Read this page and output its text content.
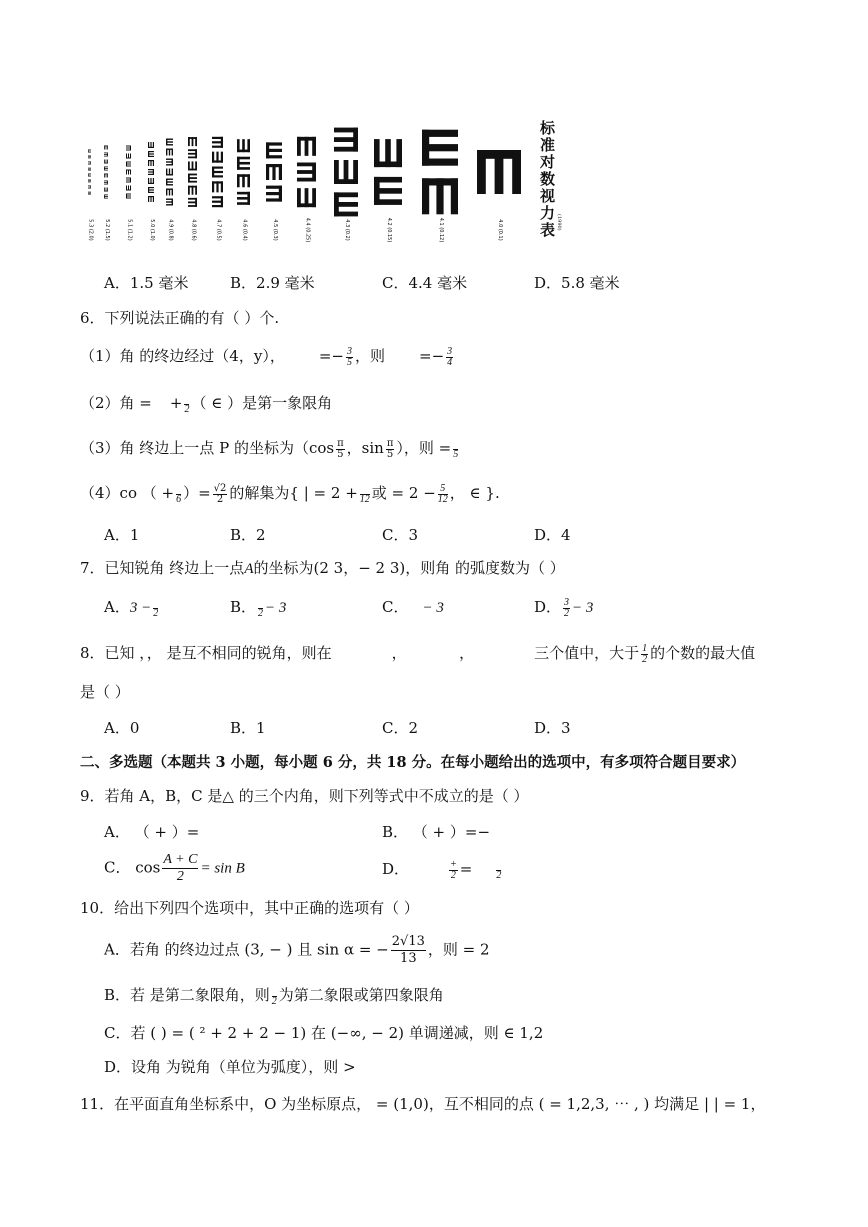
5.3 (2.0) 5.2 (1.5)	5.1 (1.2)	5.0 (1.0)	4.9 (0.8)	4.8 (0.6)	4.7 (0.5)	4.6 (0.4)	4.5 (0.3)	4.4 (0.25)	4.3 (0.2)	4.2 (0.15)	4.1 (0.12)	4.0 (0.1)
标准对数视力表 (1990)
A．1.5 毫米	B．2.9 毫米	C．4.4 毫米	D．5.8 毫米
6．下列说法正确的有（ ）个.
（1）角 的终边经过（4，y）， =− $\frac{3}{5}$ ，则 =− $\frac{3}{4}$
（2）角 = +
2 （ ∈ ）是第一象限角
（3）角 终边上一点 P 的坐标为（$\cos \frac{\pi}{5}$ ，$\sin \frac{\pi}{5}$ ），则 =
5
（4）co （ +
6 ）= $\frac{√2}{2}$ 的解集为{ | = 2 +
12 或 = $2 - \frac{5}{12}$ ， ∈ }.
A．1	B．2	C．3	D．4
7．已知锐角 终边上一点A的坐标为(2 3，− 2 3)，则角 的弧度数为（ ）
A．3 −
2	B．
2 − 3	C． − 3	D． $\frac{3}{2} - 3$
8．已知 ，， 是互不相同的锐角，则在	，	，	三个值中，大于 $\frac{1}{2}$ 的个数的最大值
是（ ）
A．0	B．1	C．2	D．3
二、多选题（本题共 3 小题，每小题 6 分，共 18 分。在每小题给出的选项中，有多项符合题目要求）
9．若角 A，B，C 是△ 的三个内角，则下列等式中不成立的是（ ）
A． （ + ）=	B． （ + ）=−
C． $\cos \frac{A + C}{2} = \sin B$	D．	$\frac{+}{2}$ =
2
10．给出下列四个选项中，其中正确的选项有（ ）
A．若角 的终边过点 (3, − ) 且 sin α = − $\frac{2√13}{13}$ ，则 = 2
B．若 是第二象限角，则
2 为第二象限或第四象限角
C．若 ( ) = ( ² + 2 + 2 − 1) 在 (−∞, − 2) 单调递减，则 ∈ 1,2
D．设角 为锐角（单位为弧度），则 >
11．在平面直角坐标系中，O 为坐标原点， = (1,0)，互不相同的点 ( = 1,2,3, ⋯ , ) 均满足 | | = 1，
